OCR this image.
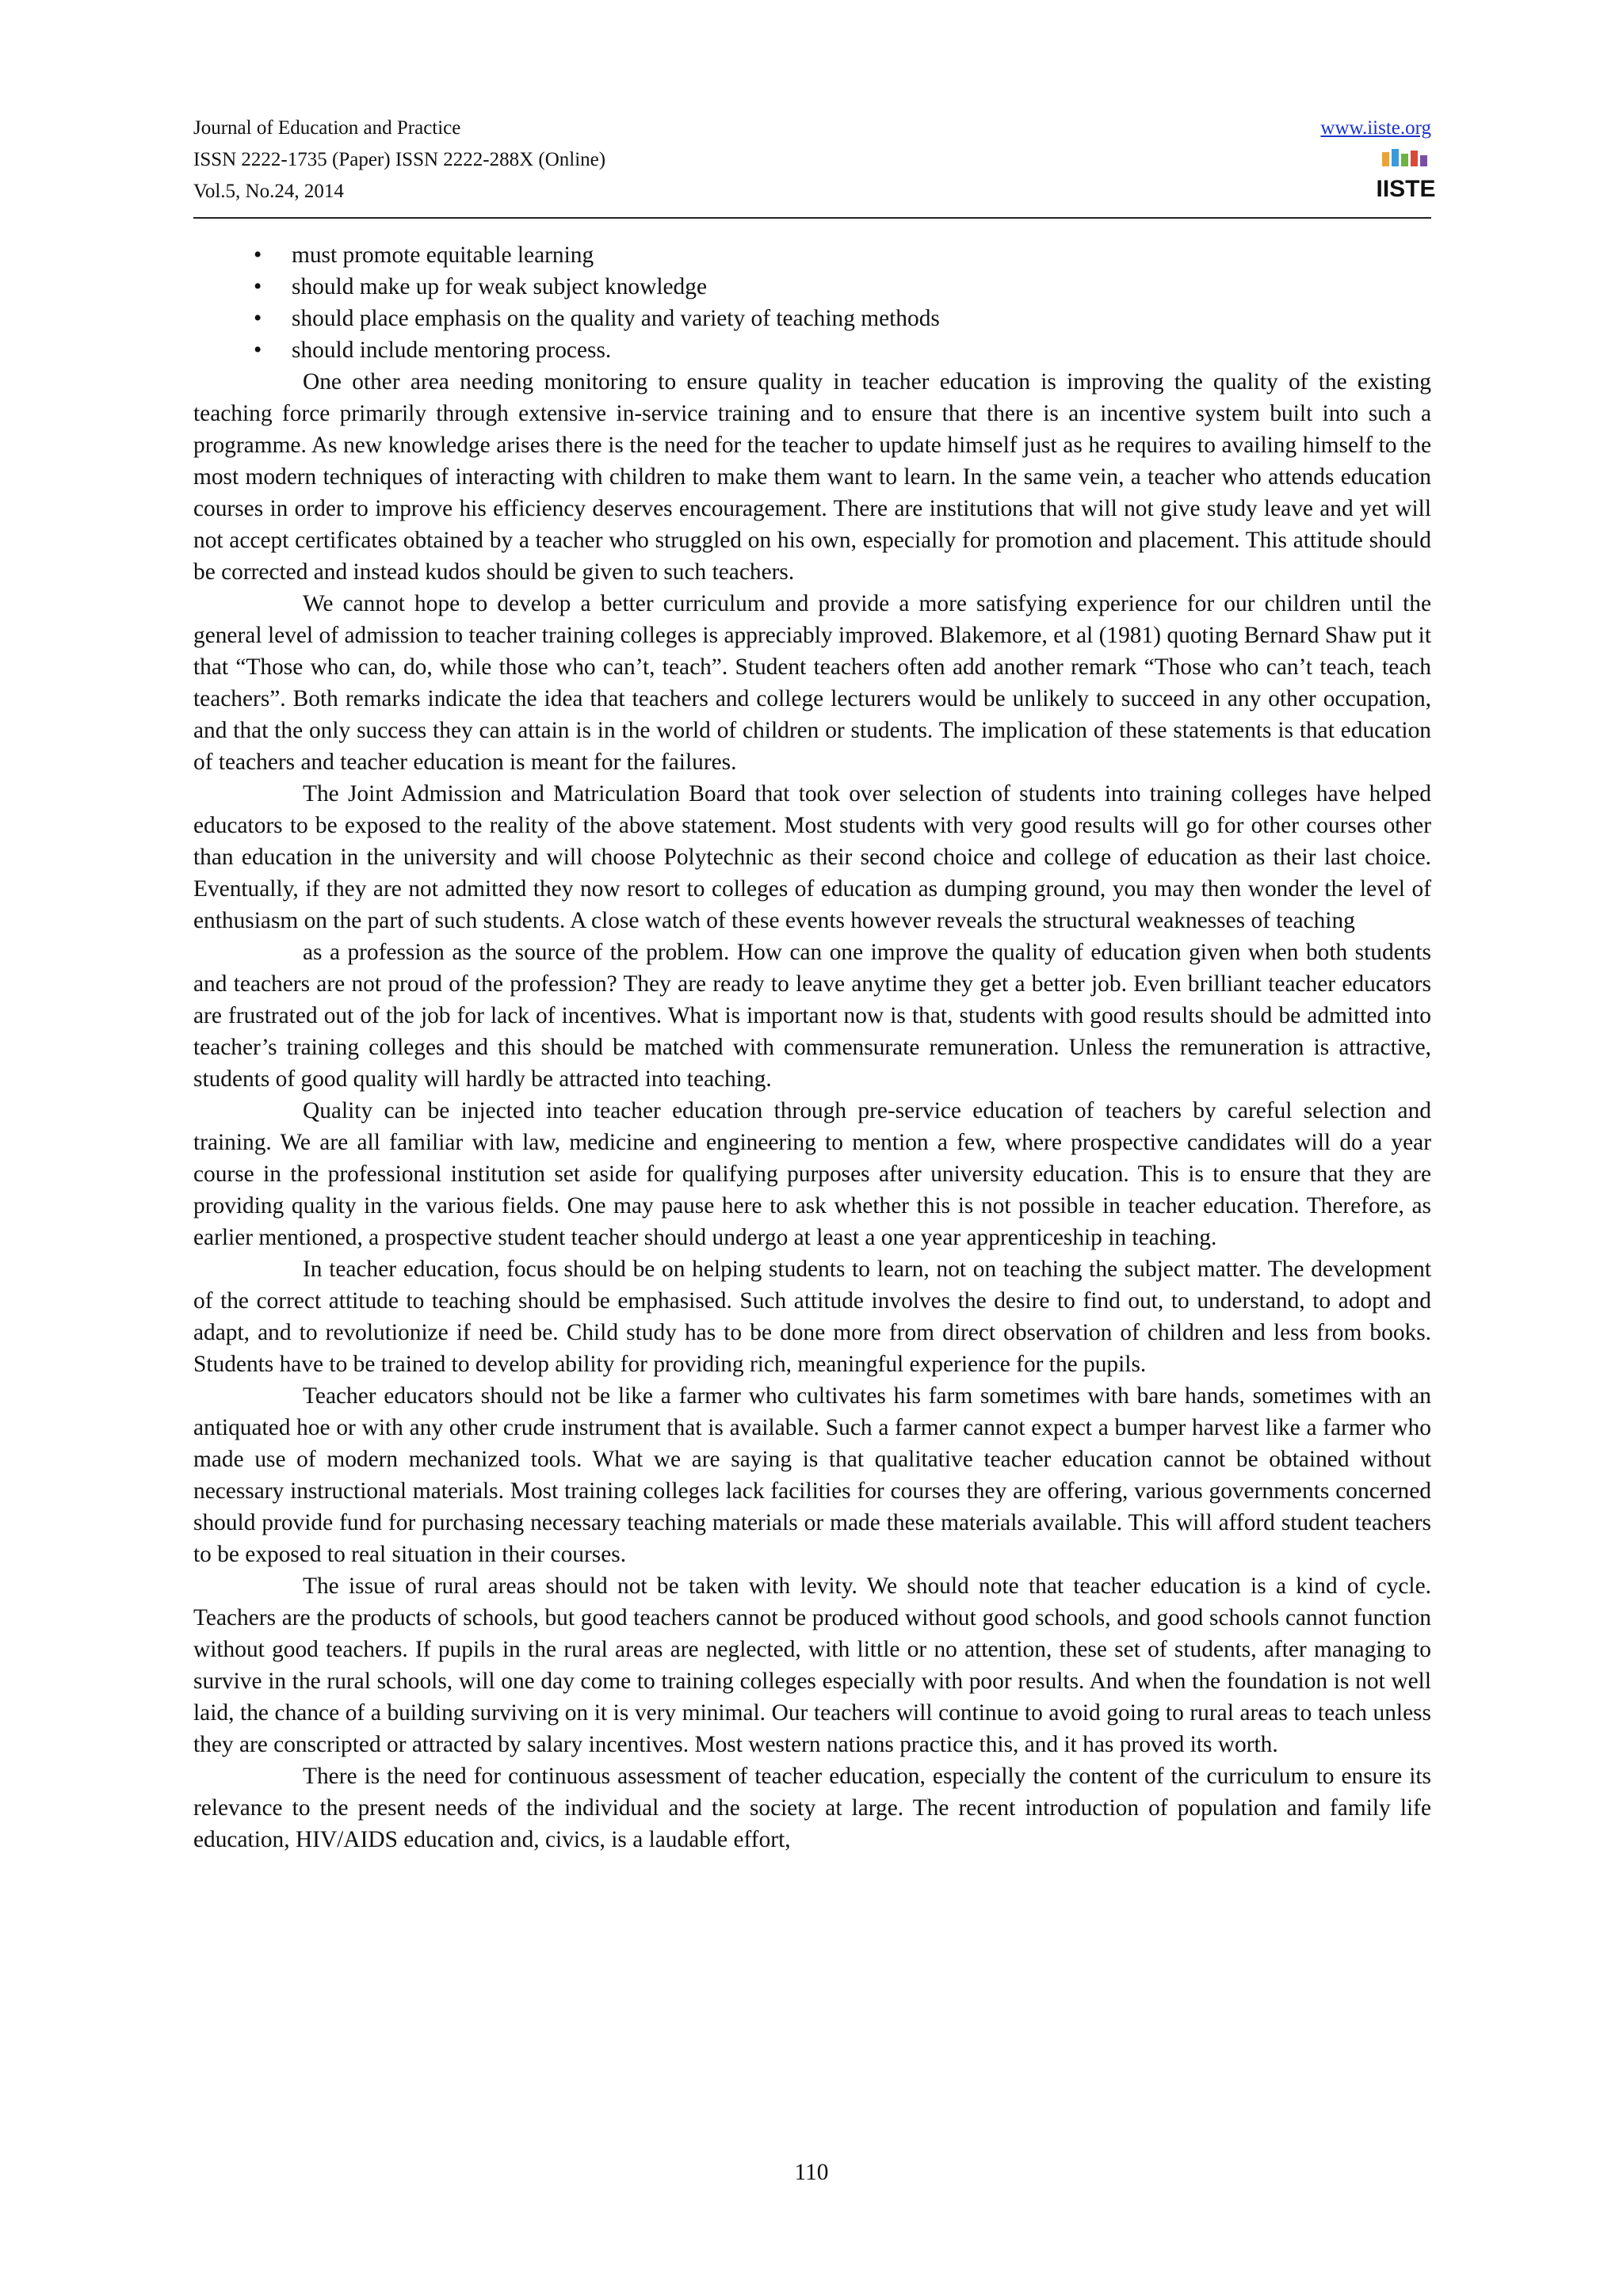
Journal of Education and Practice
ISSN 2222-1735 (Paper) ISSN 2222-288X (Online)
Vol.5, No.24, 2014
www.iiste.org
IISTE
• must promote equitable learning
• should make up for weak subject knowledge
• should place emphasis on the quality and variety of teaching methods
• should include mentoring process.

One other area needing monitoring to ensure quality in teacher education is improving the quality of the existing teaching force primarily through extensive in-service training and to ensure that there is an incentive system built into such a programme. As new knowledge arises there is the need for the teacher to update himself just as he requires to availing himself to the most modern techniques of interacting with children to make them want to learn. In the same vein, a teacher who attends education courses in order to improve his efficiency deserves encouragement. There are institutions that will not give study leave and yet will not accept certificates obtained by a teacher who struggled on his own, especially for promotion and placement. This attitude should be corrected and instead kudos should be given to such teachers.

We cannot hope to develop a better curriculum and provide a more satisfying experience for our children until the general level of admission to teacher training colleges is appreciably improved. Blakemore, et al (1981) quoting Bernard Shaw put it that “Those who can, do, while those who can’t, teach”. Student teachers often add another remark “Those who can’t teach, teach teachers”. Both remarks indicate the idea that teachers and college lecturers would be unlikely to succeed in any other occupation, and that the only success they can attain is in the world of children or students. The implication of these statements is that education of teachers and teacher education is meant for the failures.

The Joint Admission and Matriculation Board that took over selection of students into training colleges have helped educators to be exposed to the reality of the above statement. Most students with very good results will go for other courses other than education in the university and will choose Polytechnic as their second choice and college of education as their last choice. Eventually, if they are not admitted they now resort to colleges of education as dumping ground, you may then wonder the level of enthusiasm on the part of such students. A close watch of these events however reveals the structural weaknesses of teaching

as a profession as the source of the problem. How can one improve the quality of education given when both students and teachers are not proud of the profession? They are ready to leave anytime they get a better job. Even brilliant teacher educators are frustrated out of the job for lack of incentives. What is important now is that, students with good results should be admitted into teacher’s training colleges and this should be matched with commensurate remuneration. Unless the remuneration is attractive, students of good quality will hardly be attracted into teaching.

Quality can be injected into teacher education through pre-service education of teachers by careful selection and training. We are all familiar with law, medicine and engineering to mention a few, where prospective candidates will do a year course in the professional institution set aside for qualifying purposes after university education. This is to ensure that they are providing quality in the various fields. One may pause here to ask whether this is not possible in teacher education. Therefore, as earlier mentioned, a prospective student teacher should undergo at least a one year apprenticeship in teaching.

In teacher education, focus should be on helping students to learn, not on teaching the subject matter. The development of the correct attitude to teaching should be emphasised. Such attitude involves the desire to find out, to understand, to adopt and adapt, and to revolutionize if need be. Child study has to be done more from direct observation of children and less from books. Students have to be trained to develop ability for providing rich, meaningful experience for the pupils.

Teacher educators should not be like a farmer who cultivates his farm sometimes with bare hands, sometimes with an antiquated hoe or with any other crude instrument that is available. Such a farmer cannot expect a bumper harvest like a farmer who made use of modern mechanized tools. What we are saying is that qualitative teacher education cannot be obtained without necessary instructional materials. Most training colleges lack facilities for courses they are offering, various governments concerned should provide fund for purchasing necessary teaching materials or made these materials available. This will afford student teachers to be exposed to real situation in their courses.

The issue of rural areas should not be taken with levity. We should note that teacher education is a kind of cycle. Teachers are the products of schools, but good teachers cannot be produced without good schools, and good schools cannot function without good teachers. If pupils in the rural areas are neglected, with little or no attention, these set of students, after managing to survive in the rural schools, will one day come to training colleges especially with poor results. And when the foundation is not well laid, the chance of a building surviving on it is very minimal. Our teachers will continue to avoid going to rural areas to teach unless they are conscripted or attracted by salary incentives. Most western nations practice this, and it has proved its worth.

There is the need for continuous assessment of teacher education, especially the content of the curriculum to ensure its relevance to the present needs of the individual and the society at large. The recent introduction of population and family life education, HIV/AIDS education and, civics, is a laudable effort,

110
